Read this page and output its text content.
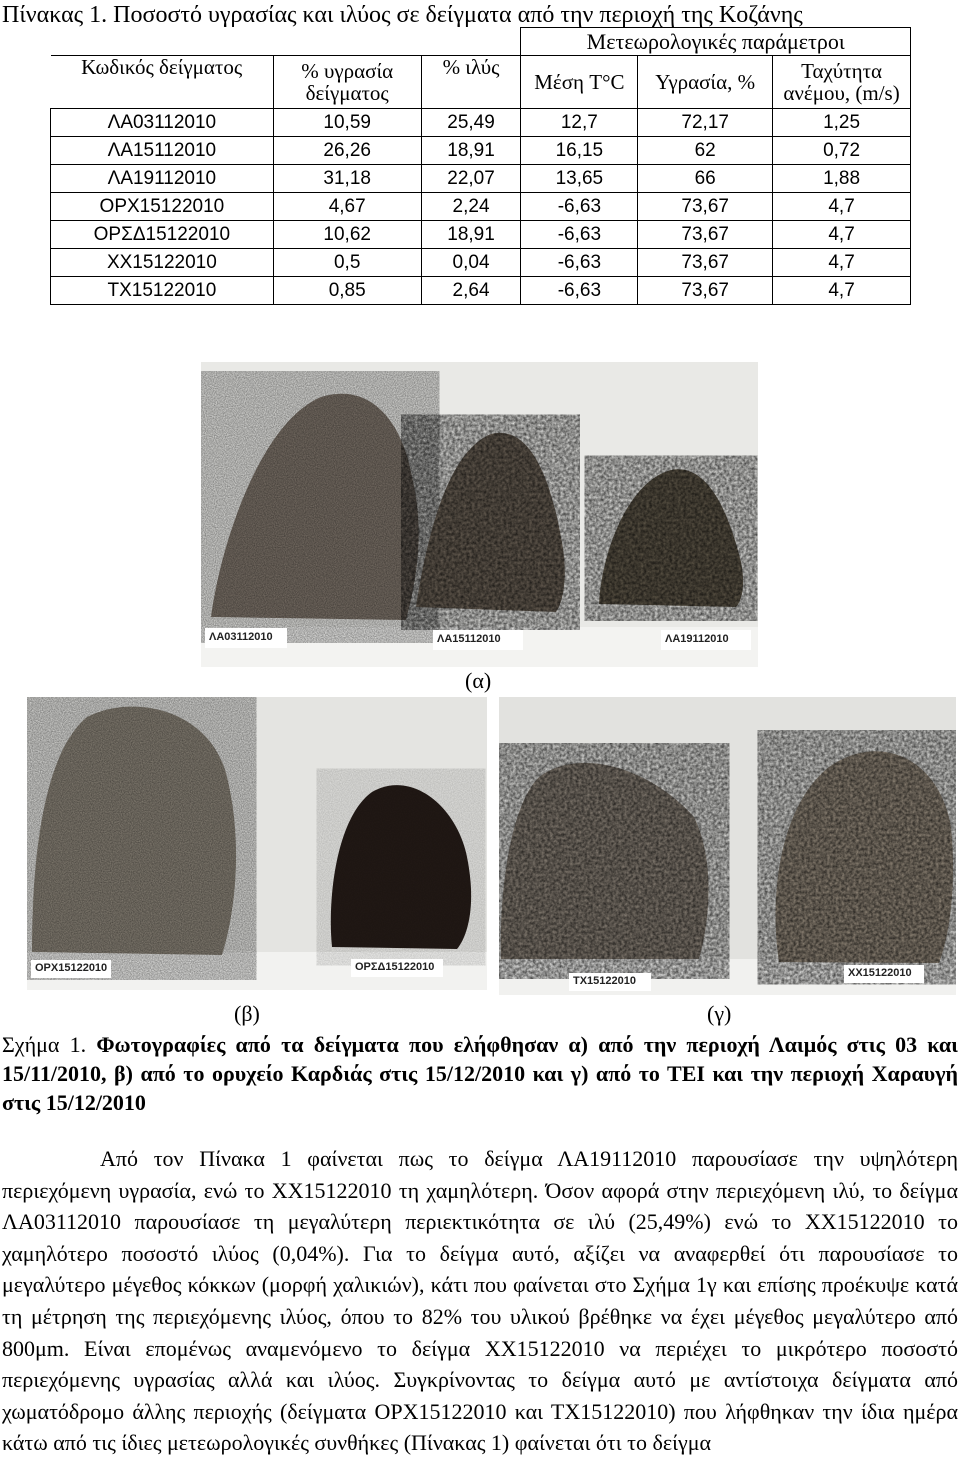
Πίνακας 1. Ποσοστό υγρασίας και ιλύος σε δείγματα από την περιοχή της Κοζάνης
			Μετεωρολογικές παράμετροι		
Κωδικός δείγματος	% υγρασία δείγματος	% ιλύς	Μέση T°C	Υγρασία, %	Ταχύτητα ανέμου, (m/s)
ΛΑ03112010	10,59	25,49	12,7	72,17	1,25
ΛΑ15112010	26,26	18,91	16,15	62	0,72
ΛΑ19112010	31,18	22,07	13,65	66	1,88
ΟΡΧ15122010	4,67	2,24	-6,63	73,67	4,7
ΟΡΣΔ15122010	10,62	18,91	-6,63	73,67	4,7
ΧΧ15122010	0,5	0,04	-6,63	73,67	4,7
ΤΧ15122010	0,85	2,64	-6,63	73,67	4,7
ΛΑ03112010	ΛΑ15112010	ΛΑ19112010
(α)
ΟΡΧ15122010	ΟΡΣΔ15122010
ΤΧ15122010
ΧΧ15122010
(β)	(γ)
Σχήμα 1. Φωτογραφίες από τα δείγματα που ελήφθησαν α) από την περιοχή Λαιμός στις 03 και 15/11/2010, β) από το ορυχείο Καρδιάς στις 15/12/2010 και γ) από το ΤΕΙ και την περιοχή Χαραυγή στις 15/12/2010
Από τον Πίνακα 1 φαίνεται πως το δείγμα ΛΑ19112010 παρουσίασε την υψηλότερη περιεχόμενη υγρασία, ενώ το ΧΧ15122010 τη χαμηλότερη. Όσον αφορά στην περιεχόμενη ιλύ, το δείγμα ΛΑ03112010 παρουσίασε τη μεγαλύτερη περιεκτικότητα σε ιλύ (25,49%) ενώ το ΧΧ15122010 το χαμηλότερο ποσοστό ιλύος (0,04%). Για το δείγμα αυτό, αξίζει να αναφερθεί ότι παρουσίασε το μεγαλύτερο μέγεθος κόκκων (μορφή χαλικιών), κάτι που φαίνεται στο Σχήμα 1γ και επίσης προέκυψε κατά τη μέτρηση της περιεχόμενης ιλύος, όπου το 82% του υλικού βρέθηκε να έχει μέγεθος μεγαλύτερο από 800μm. Είναι επομένως αναμενόμενο το δείγμα ΧΧ15122010 να περιέχει το μικρότερο ποσοστό περιεχόμενης υγρασίας αλλά και ιλύος. Συγκρίνοντας το δείγμα αυτό με αντίστοιχα δείγματα από χωματόδρομο άλλης περιοχής (δείγματα ΟΡΧ15122010 και ΤΧ15122010) που λήφθηκαν την ίδια ημέρα κάτω από τις ίδιες μετεωρολογικές συνθήκες (Πίνακας 1) φαίνεται ότι το δείγμα
